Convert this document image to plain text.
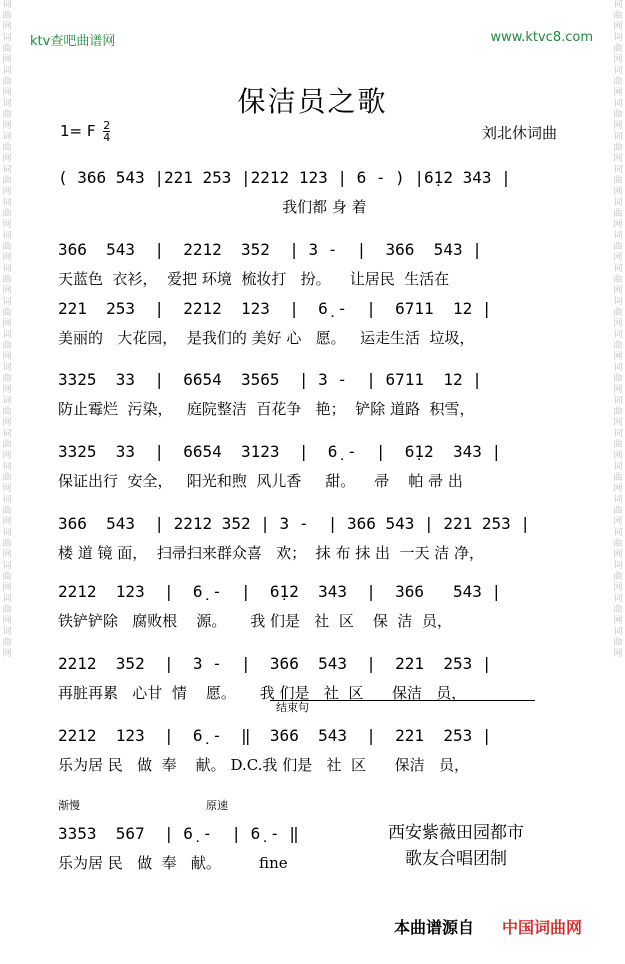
词曲网词曲网词曲网词曲网词曲网词曲网词曲网词曲网词曲网词曲网词曲网词曲网词曲网词曲网词曲网词曲网词曲网词曲网词曲网词曲网
词曲网词曲网词曲网词曲网词曲网词曲网词曲网词曲网词曲网词曲网词曲网词曲网词曲网词曲网词曲网词曲网词曲网词曲网词曲网词曲网
ktv查吧曲谱网	www.ktvc8.com
保洁员之歌
1= F $\frac{2}{4}$	刘北休词曲
( 366 543 |221 253 |2212 123 | 6 - ) |6̣12 343 |
我们都 身 着
366  543  |  2212  352  | 3 -  |  366  543 |
天蓝色  衣衫，  爱把 环境  梳妆打   扮。    让居民  生活在
221  253  |  2212  123  |  6̣ -  |  6711  12 |
美丽的   大花园，  是我们的 美好 心   愿。   运走生活  垃圾，
3325  33  |  6654  3565  | 3 -  | 6711  12 |
防止霉烂  污染，   庭院整洁  百花争   艳；  铲除 道路  积雪，
3325  33  |  6654  3123  |  6̣ -  |  6̣12  343 |
保证出行  安全，   阳光和煦  风儿香     甜。    帚    帕 帚 出
366  543  | 2212 352 | 3 -  | 366 543 | 221 253 |
楼 道 镜 面，  扫帚扫来群众喜   欢；  抹 布 抹 出  一天 洁 净，
2212  123  |  6̣ -  |  6̣12  343  |  366   543 |
铁铲铲除   腐败根    源。     我 们是   社  区    保  洁  员，
2212  352  |  3 -  |  366  543  |  221  253 |
再脏再累   心甘  情    愿。     我 们是   社  区      保洁   员，
结束句
2212  123  |  6̣ -  ‖  366  543  |  221  253 |
乐为居 民   做  奉    献。 D.C.我 们是   社  区      保洁   员，
渐慢	原速
3353  567  | 6̣ -  | 6̣ - ‖
乐为居 民   做  奉   献。        fine
西安紫薇田园都市
歌友合唱团制
本曲谱源自 中国词曲网
